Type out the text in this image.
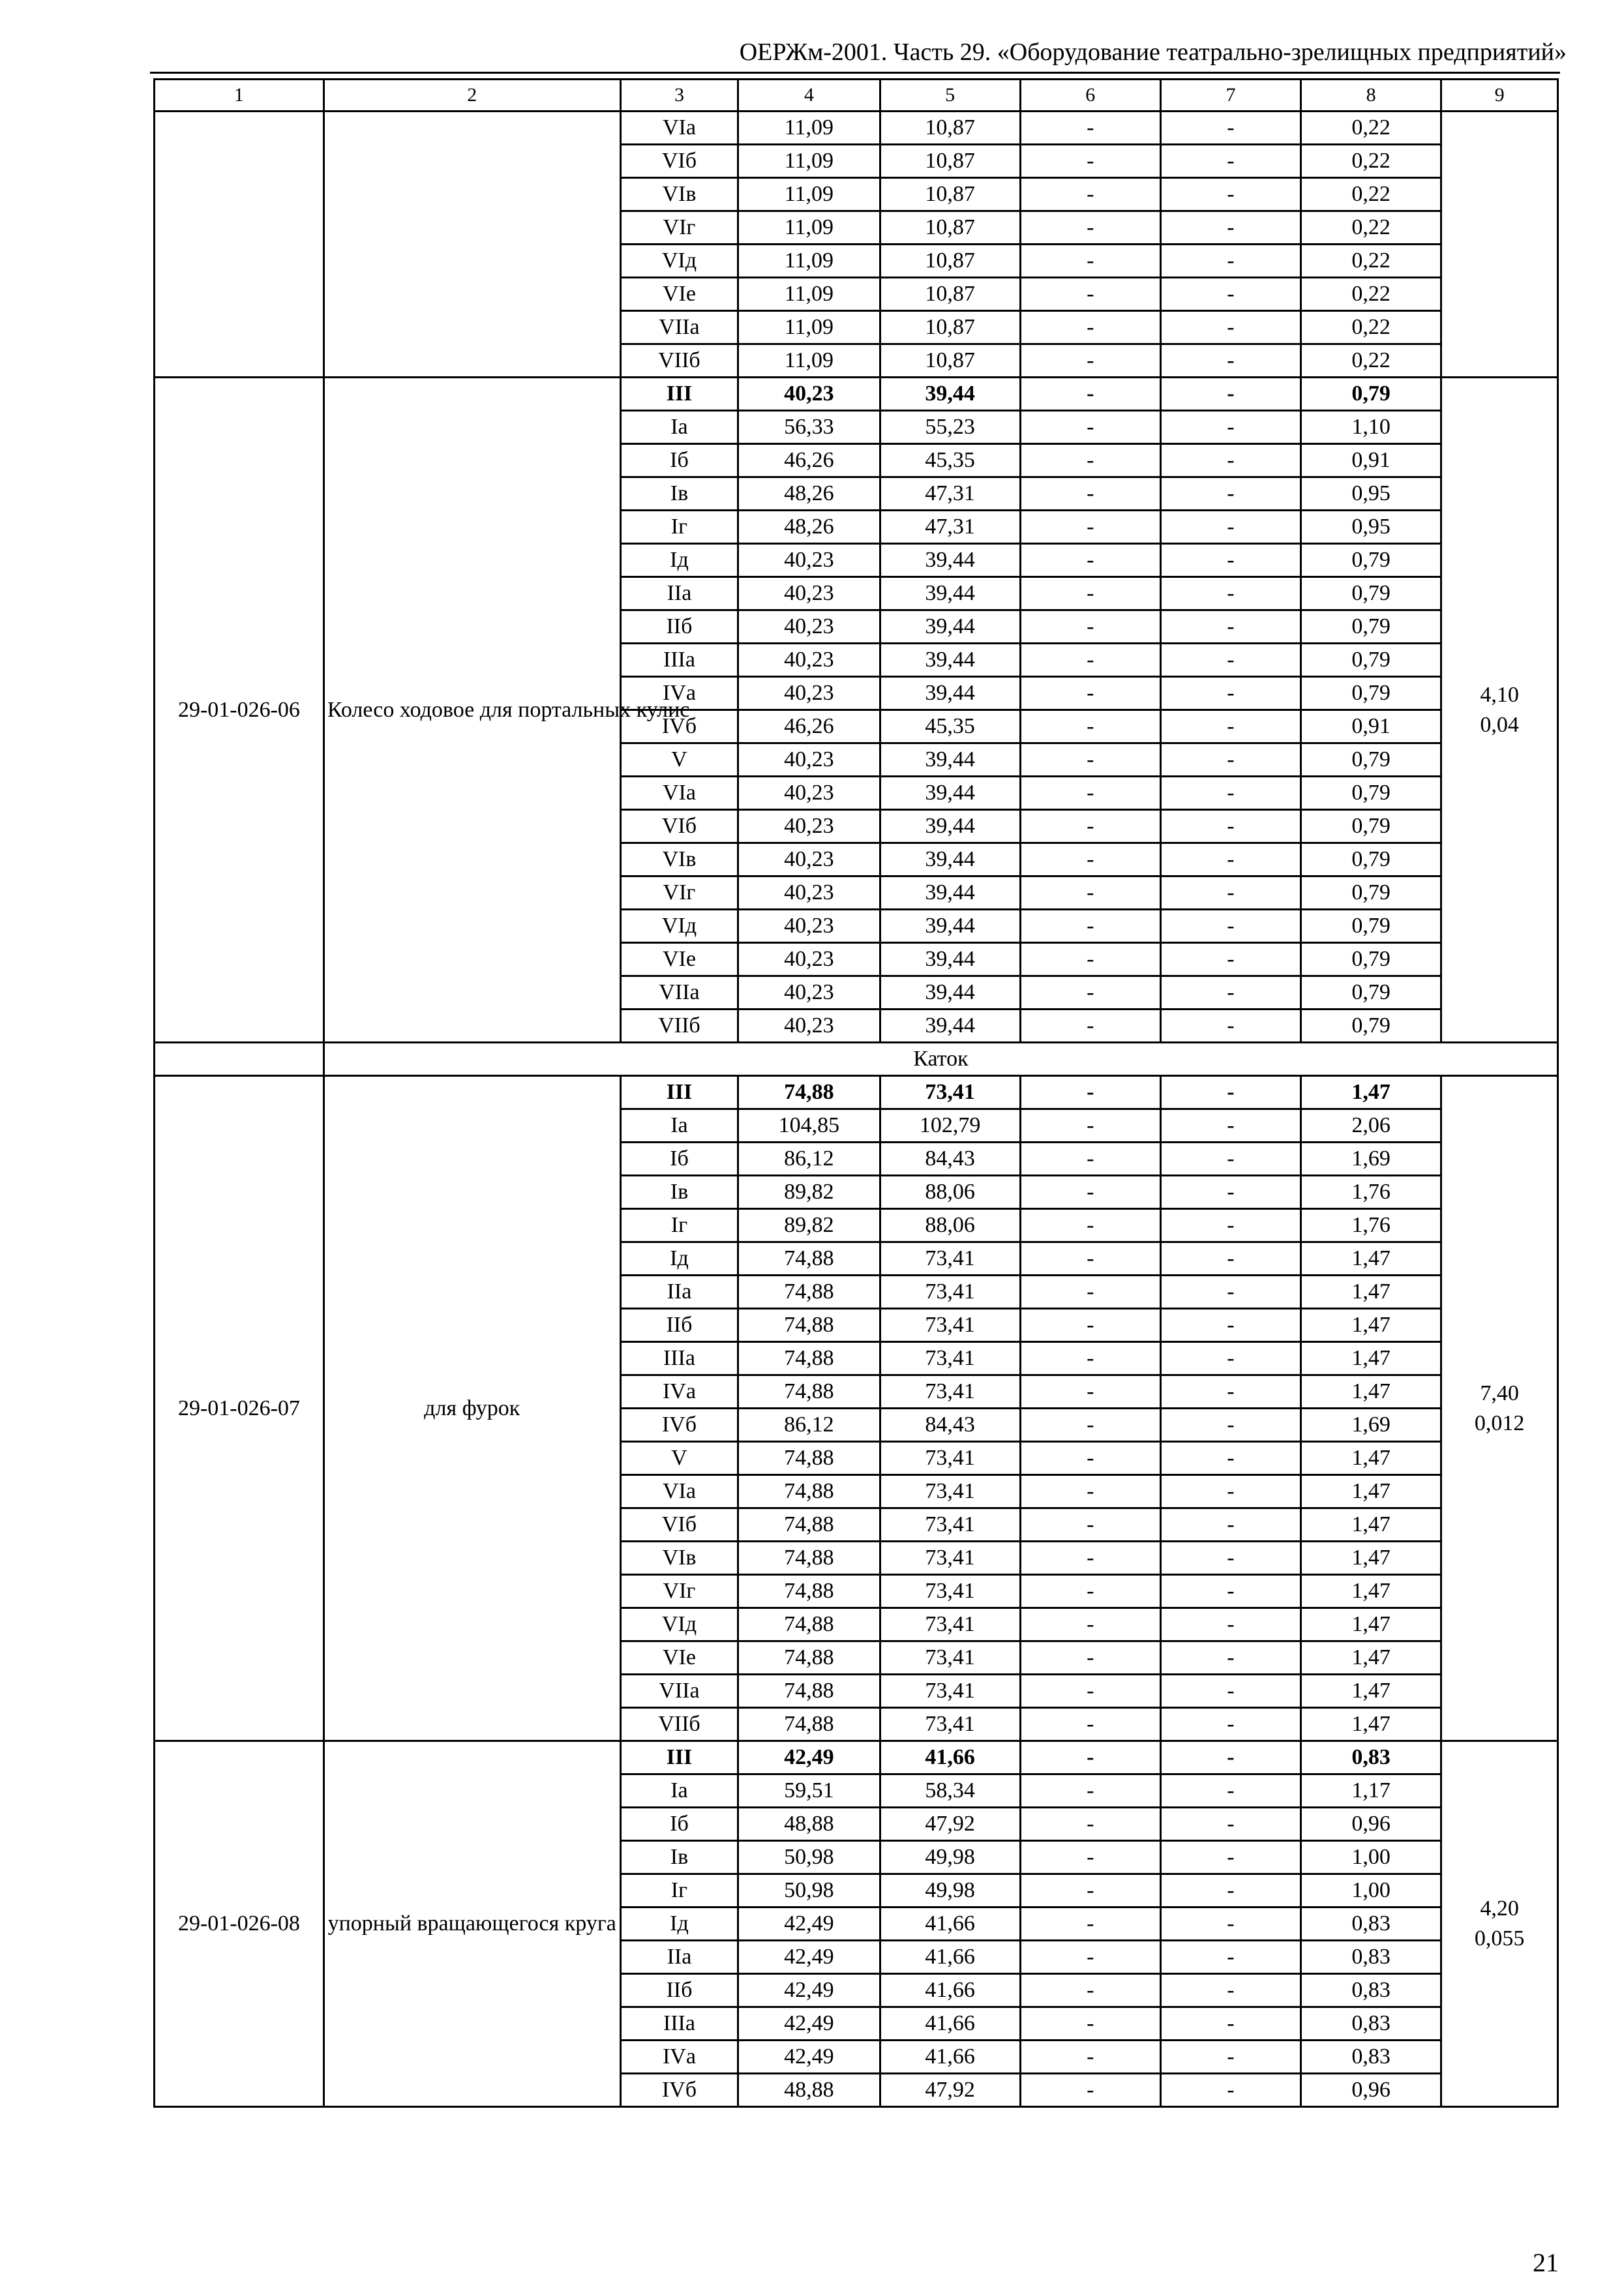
ОЕРЖм-2001. Часть 29. «Оборудование театрально-зрелищных предприятий»
1	2	3	4	5	6	7	8	9
		VIа	11,09	10,87	-	-	0,22	
		VIб	11,09	10,87	-	-	0,22	
		VIв	11,09	10,87	-	-	0,22	
		VIг	11,09	10,87	-	-	0,22	
		VIд	11,09	10,87	-	-	0,22	
		VIе	11,09	10,87	-	-	0,22	
		VIIа	11,09	10,87	-	-	0,22	
		VIIб	11,09	10,87	-	-	0,22	
29-01-026-06	Колесо ходовое для портальных кулис	III	40,23	39,44	-	-	0,79	4,10
0,04

		Iа	56,33	55,23	-	-	1,10	
		Iб	46,26	45,35	-	-	0,91	
		Iв	48,26	47,31	-	-	0,95	
		Iг	48,26	47,31	-	-	0,95	
		Iд	40,23	39,44	-	-	0,79	
		IIа	40,23	39,44	-	-	0,79	
		IIб	40,23	39,44	-	-	0,79	
		IIIа	40,23	39,44	-	-	0,79	
		IVа	40,23	39,44	-	-	0,79	
		IVб	46,26	45,35	-	-	0,91	
		V	40,23	39,44	-	-	0,79	
		VIа	40,23	39,44	-	-	0,79	
		VIб	40,23	39,44	-	-	0,79	
		VIв	40,23	39,44	-	-	0,79	
		VIг	40,23	39,44	-	-	0,79	
		VIд	40,23	39,44	-	-	0,79	
		VIе	40,23	39,44	-	-	0,79	
		VIIа	40,23	39,44	-	-	0,79	
		VIIб	40,23	39,44	-	-	0,79	
	Каток							
29-01-026-07	для фурок	III	74,88	73,41	-	-	1,47	7,40
0,012

		Iа	104,85	102,79	-	-	2,06	
		Iб	86,12	84,43	-	-	1,69	
		Iв	89,82	88,06	-	-	1,76	
		Iг	89,82	88,06	-	-	1,76	
		Iд	74,88	73,41	-	-	1,47	
		IIа	74,88	73,41	-	-	1,47	
		IIб	74,88	73,41	-	-	1,47	
		IIIа	74,88	73,41	-	-	1,47	
		IVа	74,88	73,41	-	-	1,47	
		IVб	86,12	84,43	-	-	1,69	
		V	74,88	73,41	-	-	1,47	
		VIа	74,88	73,41	-	-	1,47	
		VIб	74,88	73,41	-	-	1,47	
		VIв	74,88	73,41	-	-	1,47	
		VIг	74,88	73,41	-	-	1,47	
		VIд	74,88	73,41	-	-	1,47	
		VIе	74,88	73,41	-	-	1,47	
		VIIа	74,88	73,41	-	-	1,47	
		VIIб	74,88	73,41	-	-	1,47	
29-01-026-08	упорный вращающегося круга	III	42,49	41,66	-	-	0,83	4,20
0,055

		Iа	59,51	58,34	-	-	1,17	
		Iб	48,88	47,92	-	-	0,96	
		Iв	50,98	49,98	-	-	1,00	
		Iг	50,98	49,98	-	-	1,00	
		Iд	42,49	41,66	-	-	0,83	
		IIа	42,49	41,66	-	-	0,83	
		IIб	42,49	41,66	-	-	0,83	
		IIIа	42,49	41,66	-	-	0,83	
		IVа	42,49	41,66	-	-	0,83	
		IVб	48,88	47,92	-	-	0,96	
21
